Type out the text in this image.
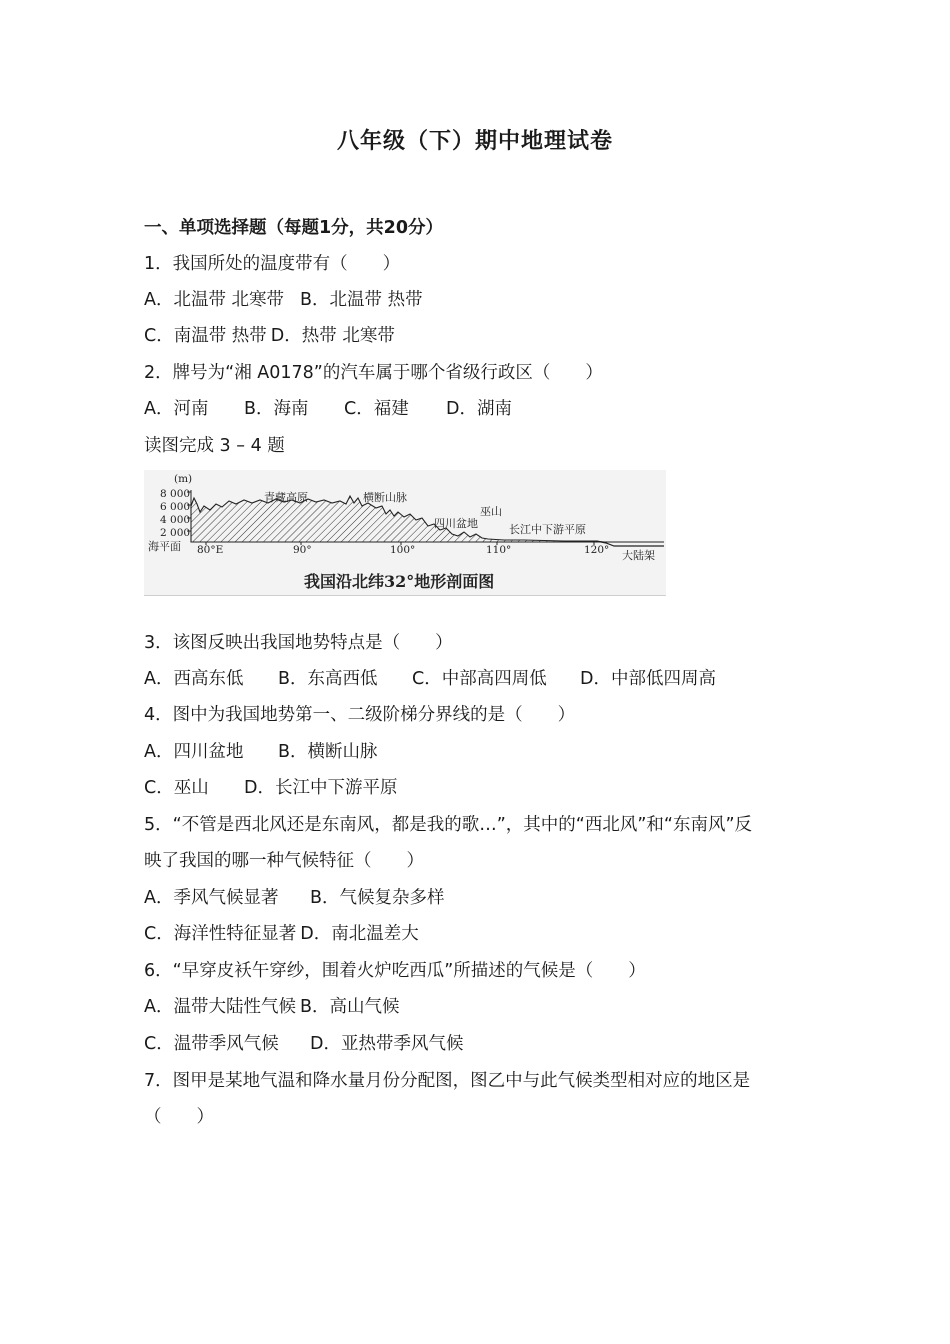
八年级（下）期中地理试卷
一、单项选择题（每题1分，共20分）
1．我国所处的温度带有（　　）
A．北温带 北寒带 B．北温带 热带
C．南温带 热带 D．热带 北寒带
2．牌号为“湘 A0178”的汽车属于哪个省级行政区（　　）
A．河南 B．海南 C．福建 D．湖南
读图完成 3 – 4 题
(m)
8 000
6 000
4 000
2 000
海平面 80°E	90°	100°	110°	120°
青藏高原	横断山脉
巫山
四川盆地	长江中下游平原
大陆架
我国沿北纬32°地形剖面图
3．该图反映出我国地势特点是（　　）
A．西高东低 B．东高西低 C．中部高四周低 D．中部低四周高
4．图中为我国地势第一、二级阶梯分界线的是（　　）
A．四川盆地 B．横断山脉
C．巫山 D．长江中下游平原
5．“不管是西北风还是东南风，都是我的歌…”，其中的“西北风”和“东南风”反
映了我国的哪一种气候特征（　　）
A．季风气候显著 B．气候复杂多样
C．海洋性特征显著 D．南北温差大
6．“早穿皮袄午穿纱，围着火炉吃西瓜”所描述的气候是（　　）
A．温带大陆性气候 B．高山气候
C．温带季风气候 D．亚热带季风气候
7．图甲是某地气温和降水量月份分配图，图乙中与此气候类型相对应的地区是
（　　）
